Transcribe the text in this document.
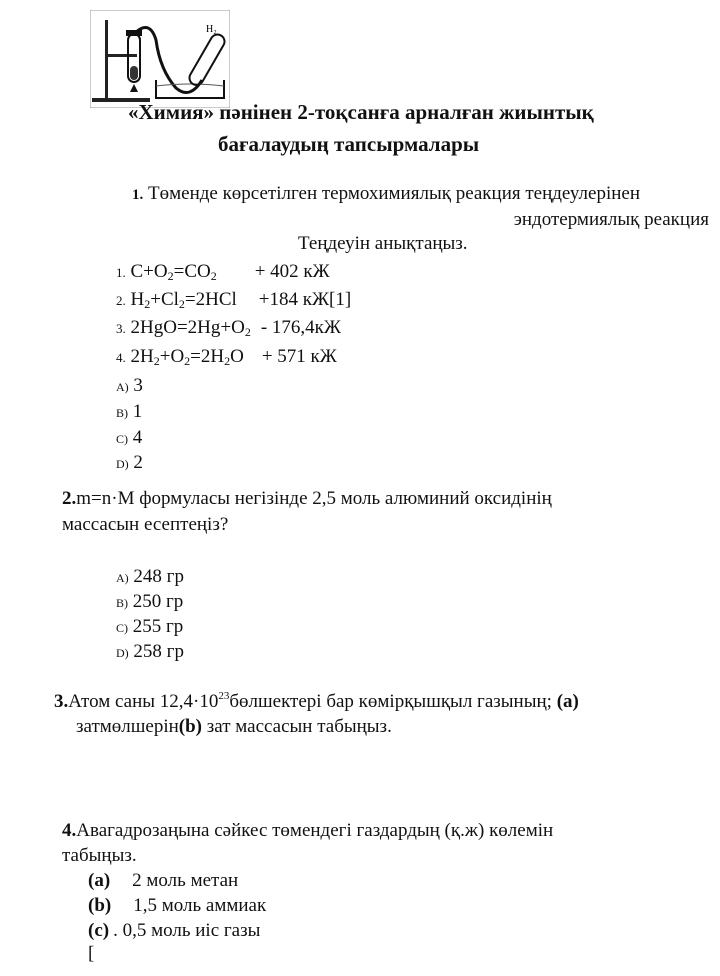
H₂
«Химия» пәнінен 2-тоқсанға арналған жиынтық
бағалаудың тапсырмалары
1. Төменде көрсетілген термохимиялық реакция теңдеулерінен
эндотермиялық реакция
Теңдеуін анықтаңыз.
1. $C+O_2=CO_2 + 402$ кЖ
2. $H_2+Cl_2=2HCl +184$ кЖ[1]
3. $2HgO=2Hg+O_2 - 176,4кЖ$
4. $2H_2+O_2=2H_2O + 571$ кЖ
A) 3
B) 1
C) 4
D) 2
2.m=n·M формуласы негізінде 2,5 моль алюминий оксидінің
массасын есептеңіз?
A) 248 гр
B) 250 гр
C) 255 гр
D) 258 гр
3.Атом саны $12,4\cdot 10^{23}бөлшектері$ бар көмірқышқыл газының; (a)
затмөлшерін(b) зат массасын табыңыз.
4.Авагадрозаңына сәйкес төмендегі газдардың (қ.ж) көлемін
табыңыз.
(a) 2 моль метан
(b) 1,5 моль аммиак
(c) . 0,5 моль иіс газы
[
